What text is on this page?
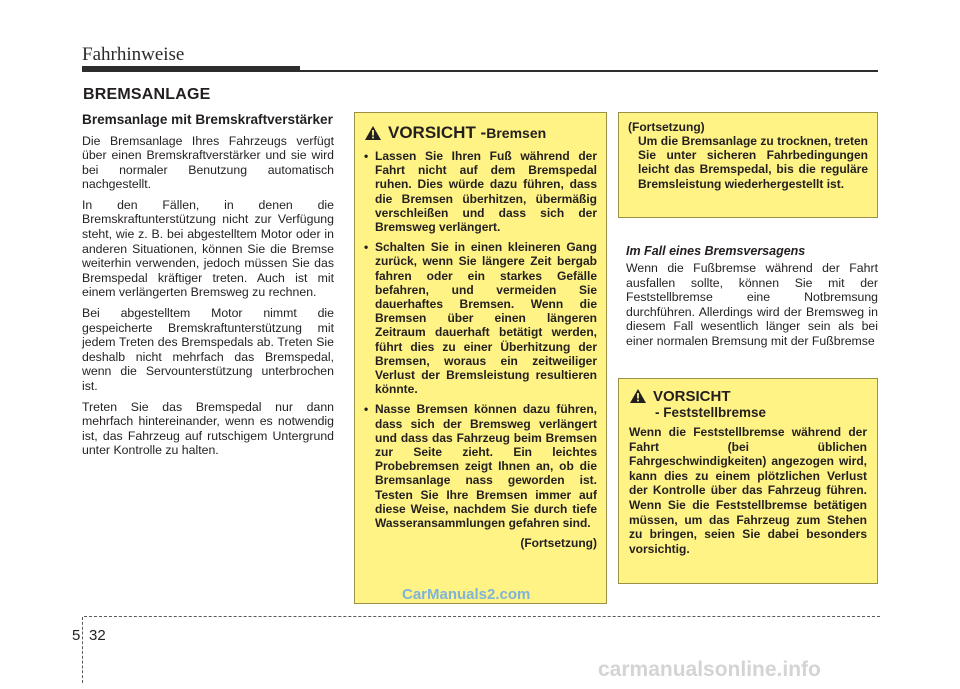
Fahrhinweise
BREMSANLAGE
Bremsanlage mit Bremskraftverstärker

Die Bremsanlage Ihres Fahrzeugs verfügt über einen Bremskraftverstärker und sie wird bei normaler Benutzung automatisch nachgestellt.

In den Fällen, in denen die Bremskraftunterstützung nicht zur Verfügung steht, wie z. B. bei abgestelltem Motor oder in anderen Situationen, können Sie die Bremse weiterhin verwenden, jedoch müssen Sie das Bremspedal kräftiger treten. Auch ist mit einem verlängerten Bremsweg zu rechnen.

Bei abgestelltem Motor nimmt die gespeicherte Bremskraftunterstützung mit jedem Treten des Bremspedals ab. Treten Sie deshalb nicht mehrfach das Bremspedal, wenn die Servounterstützung unterbrochen ist.

Treten Sie das Bremspedal nur dann mehrfach hintereinander, wenn es notwendig ist, das Fahrzeug auf rutschigem Untergrund unter Kontrolle zu halten.

VORSICHT - Bremsen
• Lassen Sie Ihren Fuß während der Fahrt nicht auf dem Bremspedal ruhen. Dies würde dazu führen, dass die Bremsen überhitzen, übermäßig verschleißen und dass sich der Bremsweg verlängert.
• Schalten Sie in einen kleineren Gang zurück, wenn Sie längere Zeit bergab fahren oder ein starkes Gefälle befahren, und vermeiden Sie dauerhaftes Bremsen. Wenn die Bremsen über einen längeren Zeitraum dauerhaft betätigt werden, führt dies zu einer Überhitzung der Bremsen, woraus ein zeitweiliger Verlust der Bremsleistung resultieren könnte.
• Nasse Bremsen können dazu führen, dass sich der Bremsweg verlängert und dass das Fahrzeug beim Bremsen zur Seite zieht. Ein leichtes Probebremsen zeigt Ihnen an, ob die Bremsanlage nass geworden ist. Testen Sie Ihre Bremsen immer auf diese Weise, nachdem Sie durch tiefe Wasseransammlungen gefahren sind.
(Fortsetzung)
(Fortsetzung)
Um die Bremsanlage zu trocknen, treten Sie unter sicheren Fahrbedingungen leicht das Bremspedal, bis die reguläre Bremsleistung wiederhergestellt ist.
Im Fall eines Bremsversagens
Wenn die Fußbremse während der Fahrt ausfallen sollte, können Sie mit der Feststellbremse eine Notbremsung durchführen. Allerdings wird der Bremsweg in diesem Fall wesentlich länger sein als bei einer normalen Bremsung mit der Fußbremse
VORSICHT
- Feststellbremse
Wenn die Feststellbremse während der Fahrt (bei üblichen Fahrgeschwindigkeiten) angezogen wird, kann dies zu einem plötzlichen Verlust der Kontrolle über das Fahrzeug führen. Wenn Sie die Feststellbremse betätigen müssen, um das Fahrzeug zum Stehen zu bringen, seien Sie dabei besonders vorsichtig.
5 32
CarManuals2.com
carmanualsonline.info
